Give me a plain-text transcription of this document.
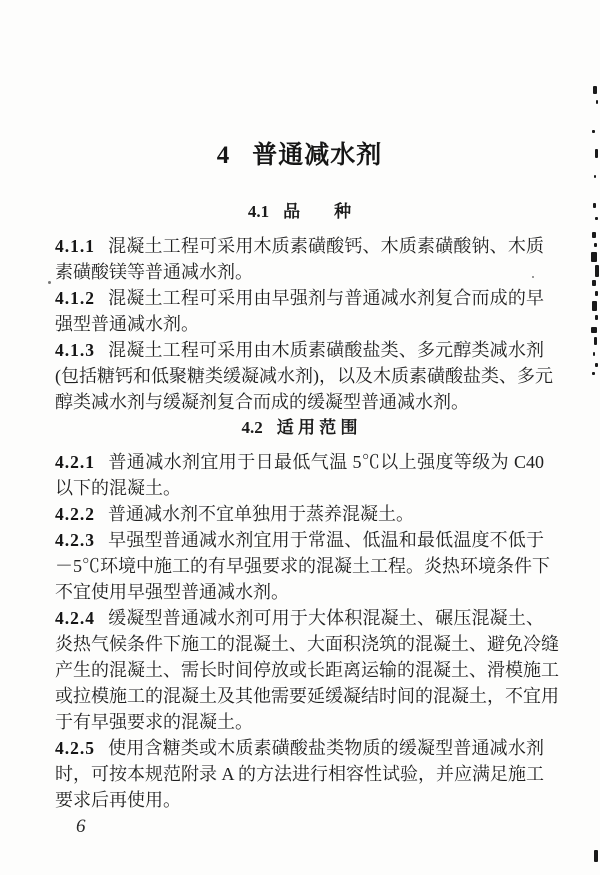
4 普通减水剂
4.1 品　　种
4.1.1 混凝土工程可采用木质素磺酸钙、木质素磺酸钠、木质
素磺酸镁等普通减水剂。
4.1.2 混凝土工程可采用由早强剂与普通减水剂复合而成的早
强型普通减水剂。
4.1.3 混凝土工程可采用由木质素磺酸盐类、多元醇类减水剂
(包括糖钙和低聚糖类缓凝减水剂)，以及木质素磺酸盐类、多元
醇类减水剂与缓凝剂复合而成的缓凝型普通减水剂。
4.2 适 用 范 围
4.2.1 普通减水剂宜用于日最低气温 5℃以上强度等级为 C40
以下的混凝土。
4.2.2 普通减水剂不宜单独用于蒸养混凝土。
4.2.3 早强型普通减水剂宜用于常温、低温和最低温度不低于
－5℃环境中施工的有早强要求的混凝土工程。炎热环境条件下
不宜使用早强型普通减水剂。
4.2.4 缓凝型普通减水剂可用于大体积混凝土、碾压混凝土、
炎热气候条件下施工的混凝土、大面积浇筑的混凝土、避免冷缝
产生的混凝土、需长时间停放或长距离运输的混凝土、滑模施工
或拉模施工的混凝土及其他需要延缓凝结时间的混凝土，不宜用
于有早强要求的混凝土。
4.2.5 使用含糖类或木质素磺酸盐类物质的缓凝型普通减水剂
时，可按本规范附录 A 的方法进行相容性试验，并应满足施工
要求后再使用。
6
